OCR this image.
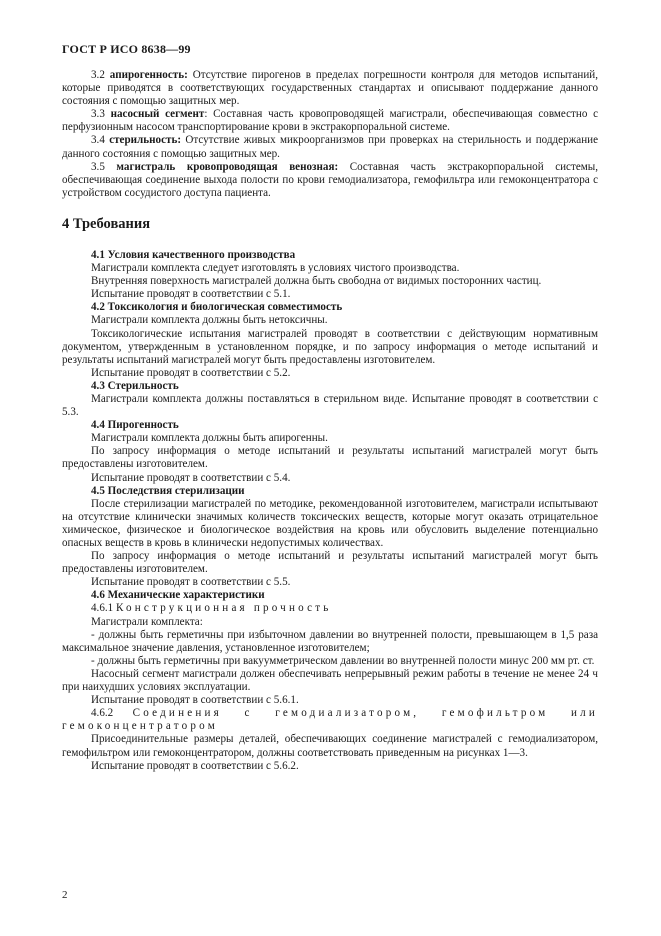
ГОСТ Р ИСО 8638—99

3.2 апирогенность: Отсутствие пирогенов в пределах погрешности контроля для методов испытаний, которые приводятся в соответствующих государственных стандартах и описывают поддержание данного состояния с помощью защитных мер.

3.3 насосный сегмент: Составная часть кровопроводящей магистрали, обеспечивающая совместно с перфузионным насосом транспортирование крови в экстракорпоральной системе.

3.4 стерильность: Отсутствие живых микроорганизмов при проверках на стерильность и поддержание данного состояния с помощью защитных мер.

3.5 магистраль кровопроводящая венозная: Составная часть экстракорпоральной системы, обеспечивающая соединение выхода полости по крови гемодиализатора, гемофильтра или гемоконцентратора с устройством сосудистого доступа пациента.

4 Требования

4.1 Условия качественного производства

Магистрали комплекта следует изготовлять в условиях чистого производства.

Внутренняя поверхность магистралей должна быть свободна от видимых посторонних частиц.

Испытание проводят в соответствии с 5.1.

4.2 Токсикология и биологическая совместимость

Магистрали комплекта должны быть нетоксичны.

Токсикологические испытания магистралей проводят в соответствии с действующим нормативным документом, утвержденным в установленном порядке, и по запросу информация о методе испытаний и результаты испытаний магистралей могут быть предоставлены изготовителем.

Испытание проводят в соответствии с 5.2.

4.3 Стерильность

Магистрали комплекта должны поставляться в стерильном виде. Испытание проводят в соответствии с 5.3.

4.4 Пирогенность

Магистрали комплекта должны быть апирогенны.

По запросу информация о методе испытаний и результаты испытаний магистралей могут быть предоставлены изготовителем.

Испытание проводят в соответствии с 5.4.

4.5 Последствия стерилизации

После стерилизации магистралей по методике, рекомендованной изготовителем, магистрали испытывают на отсутствие клинически значимых количеств токсических веществ, которые могут оказать отрицательное химическое, физическое и биологическое воздействия на кровь или обусловить выделение потенциально опасных веществ в кровь в клинически недопустимых количествах.

По запросу информация о методе испытаний и результаты испытаний магистралей могут быть предоставлены изготовителем.

Испытание проводят в соответствии с 5.5.

4.6 Механические характеристики

4.6.1 Конструкционная прочность

Магистрали комплекта:

- должны быть герметичны при избыточном давлении во внутренней полости, превышающем в 1,5 раза максимальное значение давления, установленное изготовителем;

- должны быть герметичны при вакуумметрическом давлении во внутренней полости минус 200 мм рт. ст.

Насосный сегмент магистрали должен обеспечивать непрерывный режим работы в течение не менее 24 ч при наихудших условиях эксплуатации.

Испытание проводят в соответствии с 5.6.1.

4.6.2 Соединения с гемодиализатором, гемофильтром или гемоконцентратором

Присоединительные размеры деталей, обеспечивающих соединение магистралей с гемодиализатором, гемофильтром или гемоконцентратором, должны соответствовать приведенным на рисунках 1—3.

Испытание проводят в соответствии с 5.6.2.

2
